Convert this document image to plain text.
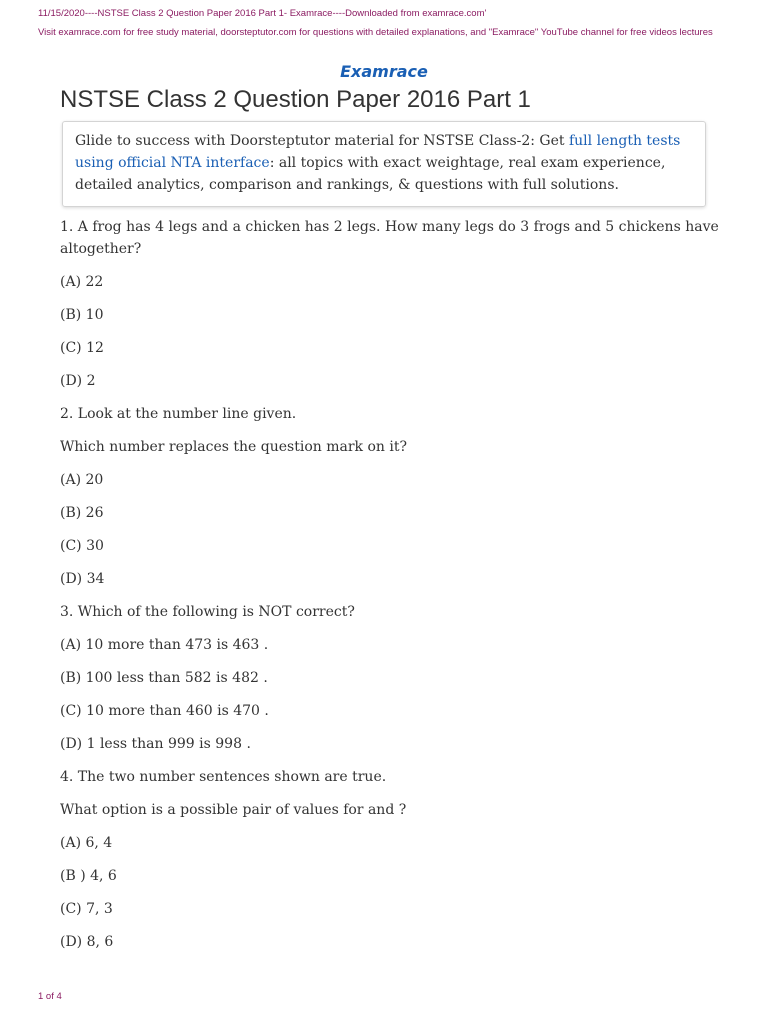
11/15/2020----NSTSE Class 2 Question Paper 2016 Part 1- Examrace----Downloaded from examrace.com'
Visit examrace.com for free study material, doorsteptutor.com for questions with detailed explanations, and "Examrace" YouTube channel for free videos lectures
Examrace
NSTSE Class 2 Question Paper 2016 Part 1
Glide to success with Doorsteptutor material for NSTSE Class-2: Get full length tests using official NTA interface: all topics with exact weightage, real exam experience, detailed analytics, comparison and rankings, & questions with full solutions.

1. A frog has 4 legs and a chicken has 2 legs. How many legs do 3 frogs and 5 chickens have altogether?

(A) 22

(B) 10

(C) 12

(D) 2

2. Look at the number line given.

Which number replaces the question mark on it?

(A) 20

(B) 26

(C) 30

(D) 34

3. Which of the following is NOT correct?

(A) 10 more than 473 is 463 .

(B) 100 less than 582 is 482 .

(C) 10 more than 460 is 470 .

(D) 1 less than 999 is 998 .

4. The two number sentences shown are true.

What option is a possible pair of values for and ?

(A) 6, 4

(B ) 4, 6

(C) 7, 3

(D) 8, 6

1 of 4
